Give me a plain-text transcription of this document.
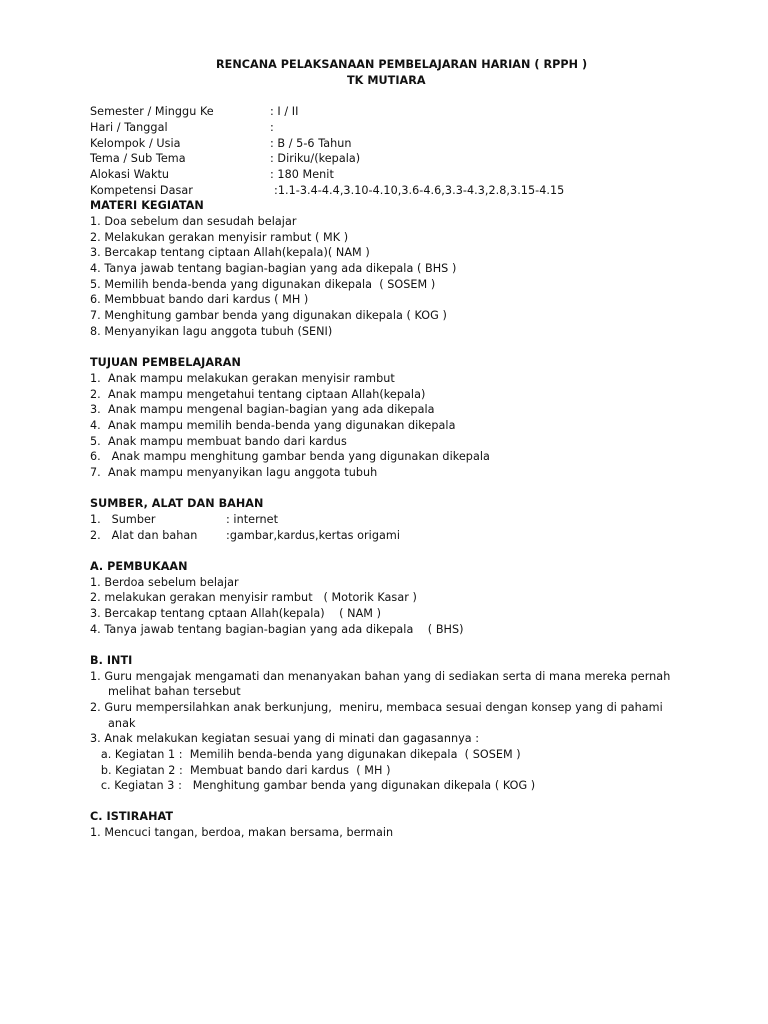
RENCANA PELAKSANAAN PEMBELAJARAN HARIAN ( RPPH )
TK MUTIARA
Semester / Minggu Ke	: I / II
Hari / Tanggal	:
Kelompok / Usia	: B / 5-6 Tahun
Tema / Sub Tema	: Diriku/(kepala)
Alokasi Waktu	: 180 Menit
Kompetensi Dasar	:1.1-3.4-4.4,3.10-4.10,3.6-4.6,3.3-4.3,2.8,3.15-4.15
MATERI KEGIATAN
1. Doa sebelum dan sesudah belajar
2. Melakukan gerakan menyisir rambut ( MK )
3. Bercakap tentang ciptaan Allah(kepala)( NAM )
4. Tanya jawab tentang bagian-bagian yang ada dikepala ( BHS )
5. Memilih benda-benda yang digunakan dikepala  ( SOSEM )
6. Membbuat bando dari kardus ( MH )
7. Menghitung gambar benda yang digunakan dikepala ( KOG )
8. Menyanyikan lagu anggota tubuh (SENI)
TUJUAN PEMBELAJARAN
1.  Anak mampu melakukan gerakan menyisir rambut
2.  Anak mampu mengetahui tentang ciptaan Allah(kepala)
3.  Anak mampu mengenal bagian-bagian yang ada dikepala
4.  Anak mampu memilih benda-benda yang digunakan dikepala
5.  Anak mampu membuat bando dari kardus
6.   Anak mampu menghitung gambar benda yang digunakan dikepala
7.  Anak mampu menyanyikan lagu anggota tubuh
SUMBER, ALAT DAN BAHAN
1.   Sumber	: internet
2.   Alat dan bahan	:gambar,kardus,kertas origami
A. PEMBUKAAN
1. Berdoa sebelum belajar
2. melakukan gerakan menyisir rambut   ( Motorik Kasar )
3. Bercakap tentang cptaan Allah(kepala)    ( NAM )
4. Tanya jawab tentang bagian-bagian yang ada dikepala    ( BHS)
B. INTI
1. Guru mengajak mengamati dan menanyakan bahan yang di sediakan serta di mana mereka pernah
melihat bahan tersebut
2. Guru mempersilahkan anak berkunjung,  meniru, membaca sesuai dengan konsep yang di pahami
anak
3. Anak melakukan kegiatan sesuai yang di minati dan gagasannya :
a. Kegiatan 1 :  Memilih benda-benda yang digunakan dikepala  ( SOSEM )
b. Kegiatan 2 :  Membuat bando dari kardus  ( MH )
c. Kegiatan 3 :   Menghitung gambar benda yang digunakan dikepala ( KOG )
C. ISTIRAHAT
1. Mencuci tangan, berdoa, makan bersama, bermain
